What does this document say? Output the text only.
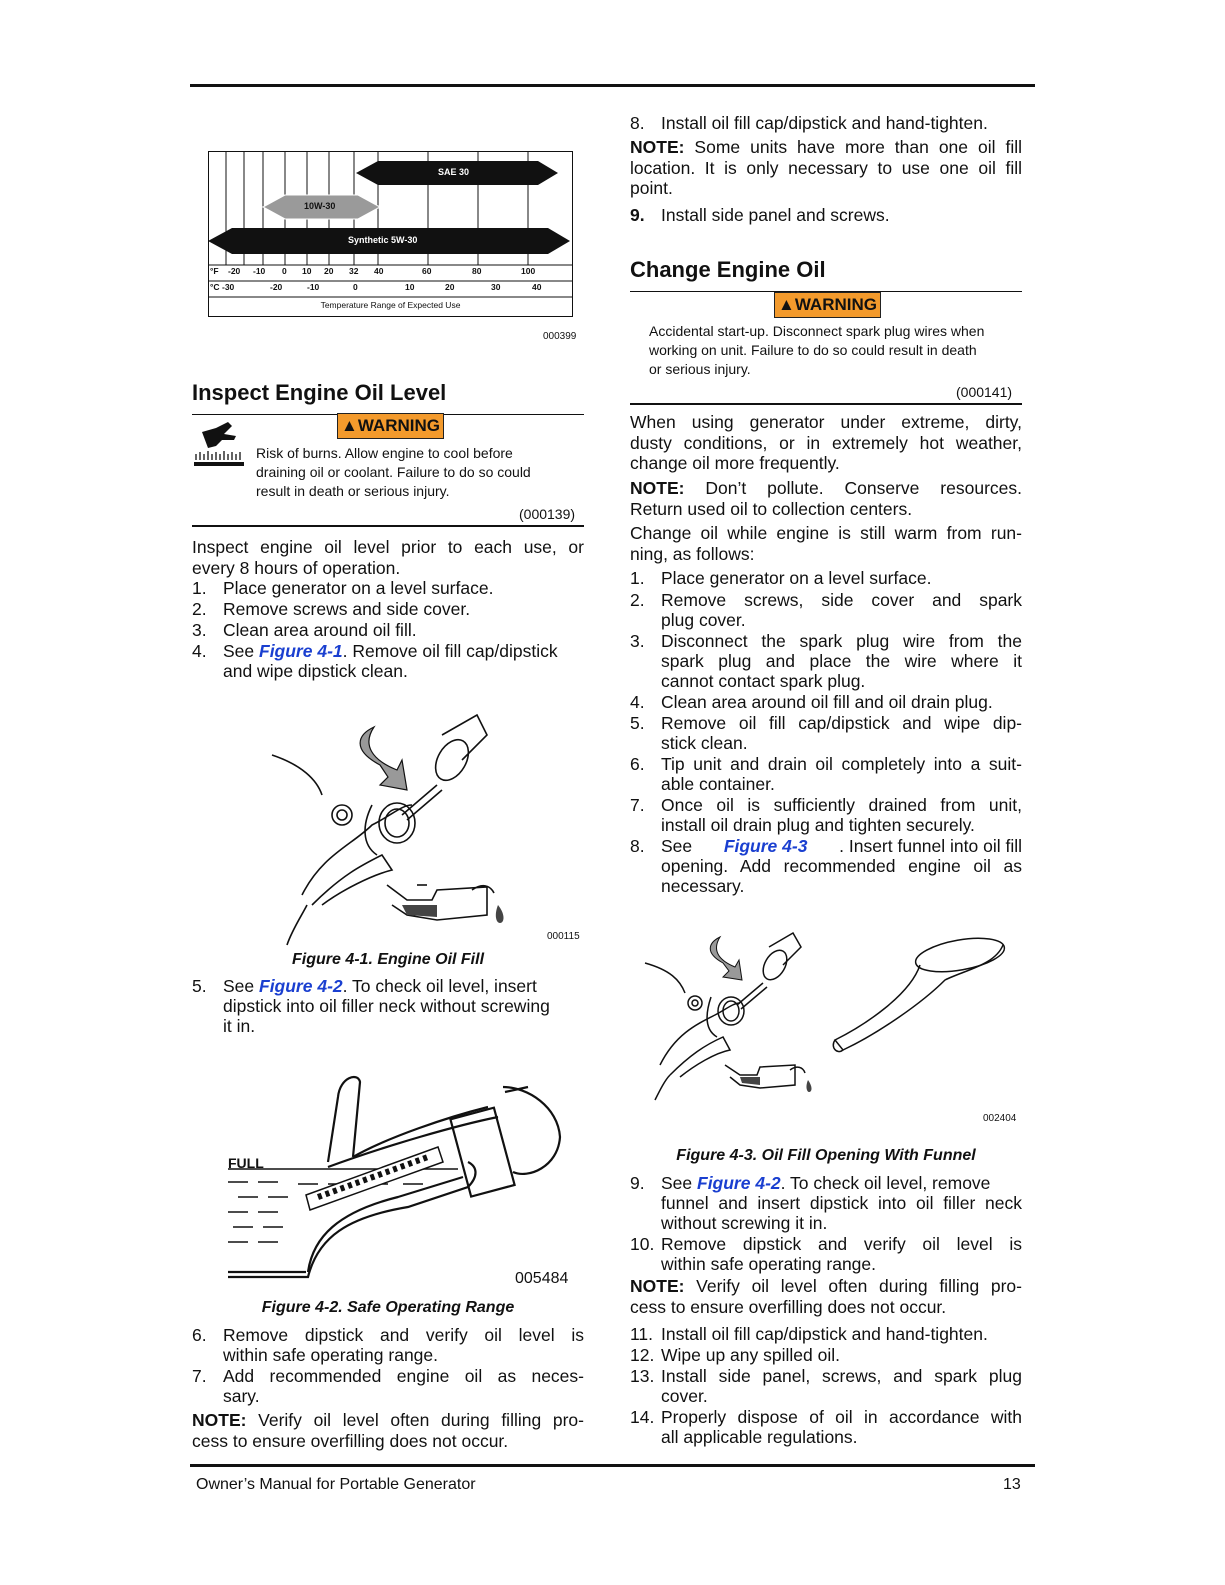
SAE 30
10W-30
Synthetic 5W-30
°F -20 -10 0 10 20 32 40	60	80	100
°C -30	-20	-10	0	10	20	30	40
Temperature Range of Expected Use
000399
Inspect Engine Oil Level
▲WARNING
Risk of burns. Allow engine to cool before
draining oil or coolant. Failure to do so could
result in death or serious injury.
(000139)
Inspect engine oil level prior to each use, or
every 8 hours of operation.
1. Place generator on a level surface.
2. Remove screws and side cover.
3. Clean area around oil fill.
4. See Figure 4-1. Remove oil fill cap/dipstick
and wipe dipstick clean.
000115
Figure 4-1. Engine Oil Fill
5. See Figure 4-2. To check oil level, insert
dipstick into oil filler neck without screwing
it in.
FULL
005484
Figure 4-2. Safe Operating Range
6. Remove dipstick and verify oil level is
within safe operating range.
7. Add recommended engine oil as neces-
sary.
NOTE: Verify oil level often during filling pro-
cess to ensure overfilling does not occur.
8. Install oil fill cap/dipstick and hand-tighten.
NOTE: Some units have more than one oil fill
location. It is only necessary to use one oil fill
point.
9. Install side panel and screws.
Change Engine Oil
▲WARNING
Accidental start-up. Disconnect spark plug wires when
working on unit. Failure to do so could result in death
or serious injury.
(000141)
When using generator under extreme, dirty,
dusty conditions, or in extremely hot weather,
change oil more frequently.
NOTE: Don’t pollute. Conserve resources.
Return used oil to collection centers.
Change oil while engine is still warm from run-
ning, as follows:
1. Place generator on a level surface.
2. Remove screws, side cover and spark
plug cover.
3. Disconnect the spark plug wire from the
spark plug and place the wire where it
cannot contact spark plug.
4. Clean area around oil fill and oil drain plug.
5. Remove oil fill cap/dipstick and wipe dip-
stick clean.
6. Tip unit and drain oil completely into a suit-
able container.
7. Once oil is sufficiently drained from unit,
install oil drain plug and tighten securely.
8. See Figure 4-3 . Insert funnel into oil fill
opening. Add recommended engine oil as
necessary.
002404
Figure 4-3. Oil Fill Opening With Funnel
9. See Figure 4-2. To check oil level, remove
funnel and insert dipstick into oil filler neck
without screwing it in.
10. Remove dipstick and verify oil level is
within safe operating range.
NOTE: Verify oil level often during filling pro-
cess to ensure overfilling does not occur.
11. Install oil fill cap/dipstick and hand-tighten.
12. Wipe up any spilled oil.
13. Install side panel, screws, and spark plug
cover.
14. Properly dispose of oil in accordance with
all applicable regulations.
Owner’s Manual for Portable Generator	13
